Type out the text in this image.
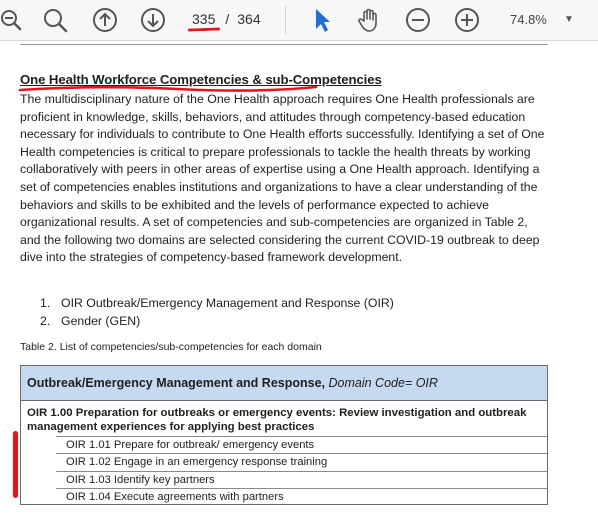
335 / 364	74.8% ▼
One Health Workforce Competencies & sub-Competencies
The multidisciplinary nature of the One Health approach requires One Health professionals are proficient in knowledge, skills, behaviors, and attitudes through competency-based education necessary for individuals to contribute to One Health efforts successfully. Identifying a set of One Health competencies is critical to prepare professionals to tackle the health threats by working collaboratively with peers in other areas of expertise using a One Health approach. Identifying a set of competencies enables institutions and organizations to have a clear understanding of the behaviors and skills to be exhibited and the levels of performance expected to achieve organizational results. A set of competencies and sub-competencies are organized in Table 2, and the following two domains are selected considering the current COVID-19 outbreak to deep dive into the strategies of competency-based framework development.
1. OIR Outbreak/Emergency Management and Response (OIR)
2. Gender (GEN)
Table 2. List of competencies/sub-competencies for each domain
Outbreak/Emergency Management and Response, Domain Code= OIR
OIR 1.00 Preparation for outbreaks or emergency events: Review investigation and outbreak management experiences for applying best practices
OIR 1.01 Prepare for outbreak/ emergency events
OIR 1.02 Engage in an emergency response training
OIR 1.03 Identify key partners
OIR 1.04 Execute agreements with partners
